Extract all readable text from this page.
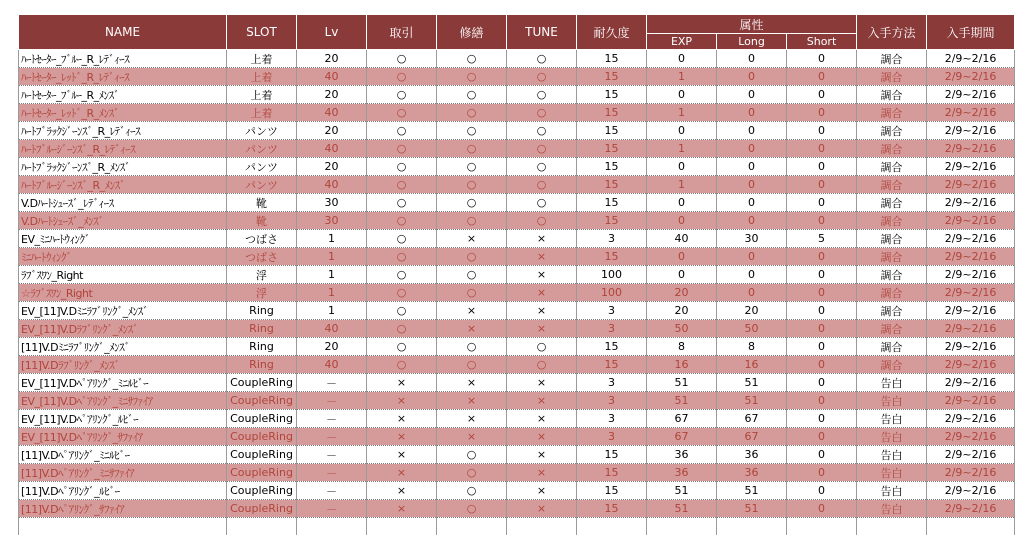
NAME	SLOT	Lv	取引	修繕	TUNE	耐久度	属性			入手方法	入手期間
							EXP	Long	Short		
ﾊｰﾄｾｰﾀｰ_ﾌﾞﾙｰ_R_ﾚﾃﾞｨｰｽ	上着	20	○	○	○	15	0	0	0	調合	2/9~2/16
ﾊｰﾄｾｰﾀｰ_ﾚｯﾄﾞ_R_ﾚﾃﾞｨｰｽ	上着	40	○	○	○	15	1	0	0	調合	2/9~2/16
ﾊｰﾄｾｰﾀｰ_ﾌﾞﾙｰ_R_ﾒﾝｽﾞ	上着	20	○	○	○	15	0	0	0	調合	2/9~2/16
ﾊｰﾄｾｰﾀｰ_ﾚｯﾄﾞ_R_ﾒﾝｽﾞ	上着	40	○	○	○	15	1	0	0	調合	2/9~2/16
ﾊｰﾄﾌﾞﾗｯｸｼﾞｰﾝｽﾞ_R_ﾚﾃﾞｨｰｽ	パンツ	20	○	○	○	15	0	0	0	調合	2/9~2/16
ﾊｰﾄﾌﾞﾙｰｼﾞｰﾝｽﾞ_R_ﾚﾃﾞｨｰｽ	パンツ	40	○	○	○	15	1	0	0	調合	2/9~2/16
ﾊｰﾄﾌﾞﾗｯｸｼﾞｰﾝｽﾞ_R_ﾒﾝｽﾞ	パンツ	20	○	○	○	15	0	0	0	調合	2/9~2/16
ﾊｰﾄﾌﾞﾙｰｼﾞｰﾝｽﾞ_R_ﾒﾝｽﾞ	パンツ	40	○	○	○	15	1	0	0	調合	2/9~2/16
V.Dﾊｰﾄｼｭｰｽﾞ_ﾚﾃﾞｨｰｽ	靴	30	○	○	○	15	0	0	0	調合	2/9~2/16
V.Dﾊｰﾄｼｭｰｽﾞ_ﾒﾝｽﾞ	靴	30	○	○	○	15	0	0	0	調合	2/9~2/16
EV_ﾐﾆﾊｰﾄｳｨﾝｸﾞ	つばさ	1	○	×	×	3	40	30	5	調合	2/9~2/16
ﾐﾆﾊｰﾄｳｨﾝｸﾞ	つばさ	1	○	○	×	15	0	0	0	調合	2/9~2/16
ﾗﾌﾞｽﾜﾝ_Right	浮	1	○	○	×	100	0	0	0	調合	2/9~2/16
☆ﾗﾌﾞｽﾜﾝ_Right	浮	1	○	○	×	100	20	0	0	調合	2/9~2/16
EV_[11]V.Dﾐﾆﾗﾌﾞﾘﾝｸﾞ_ﾒﾝｽﾞ	Ring	1	○	×	×	3	20	20	0	調合	2/9~2/16
EV_[11]V.Dﾗﾌﾞﾘﾝｸﾞ_ﾒﾝｽﾞ	Ring	40	○	×	×	3	50	50	0	調合	2/9~2/16
[11]V.Dﾐﾆﾗﾌﾞﾘﾝｸﾞ_ﾒﾝｽﾞ	Ring	20	○	○	○	15	8	8	0	調合	2/9~2/16
[11]V.Dﾗﾌﾞﾘﾝｸﾞ_ﾒﾝｽﾞ	Ring	40	○	○	○	15	16	16	0	調合	2/9~2/16
EV_[11]V.Dﾍﾟｱﾘﾝｸﾞ_ﾐﾆﾙﾋﾞｰ	CoupleRing	－	×	×	×	3	51	51	0	告白	2/9~2/16
EV_[11]V.Dﾍﾟｱﾘﾝｸﾞ_ﾐﾆｻﾌｧｲｱ	CoupleRing	－	×	×	×	3	51	51	0	告白	2/9~2/16
EV_[11]V.Dﾍﾟｱﾘﾝｸﾞ_ﾙﾋﾞｰ	CoupleRing	－	×	×	×	3	67	67	0	告白	2/9~2/16
EV_[11]V.Dﾍﾟｱﾘﾝｸﾞ_ｻﾌｧｲｱ	CoupleRing	－	×	×	×	3	67	67	0	告白	2/9~2/16
[11]V.Dﾍﾟｱﾘﾝｸﾞ_ﾐﾆﾙﾋﾞｰ	CoupleRing	－	×	○	×	15	36	36	0	告白	2/9~2/16
[11]V.Dﾍﾟｱﾘﾝｸﾞ_ﾐﾆｻﾌｧｲｱ	CoupleRing	－	×	○	×	15	36	36	0	告白	2/9~2/16
[11]V.Dﾍﾟｱﾘﾝｸﾞ_ﾙﾋﾞｰ	CoupleRing	－	×	○	×	15	51	51	0	告白	2/9~2/16
[11]V.Dﾍﾟｱﾘﾝｸﾞ_ｻﾌｧｲｱ	CoupleRing	－	×	○	×	15	51	51	0	告白	2/9~2/16
